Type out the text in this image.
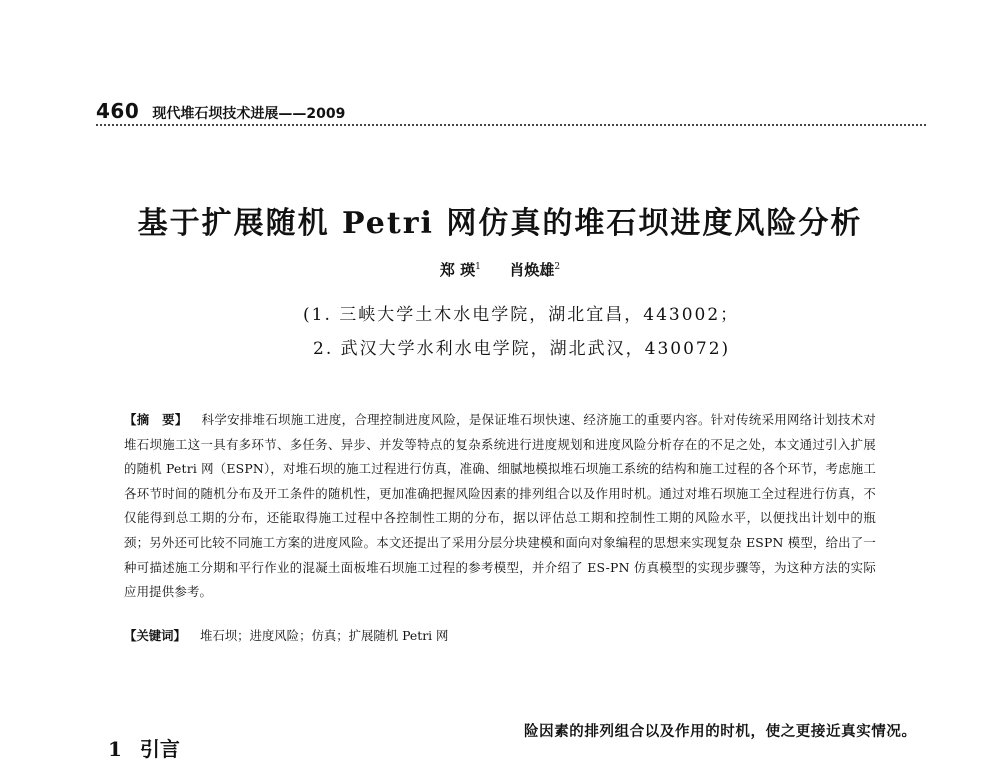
460 现代堆石坝技术进展——2009
基于扩展随机 Petri 网仿真的堆石坝进度风险分析
郑 瑛$^1$ 肖焕雄$^2$
(1. 三峡大学土木水电学院，湖北宜昌，443002；
2. 武汉大学水利水电学院，湖北武汉，430072)
【摘　要】 科学安排堆石坝施工进度，合理控制进度风险，是保证堆石坝快速、经济施工的重要内容。针对传统采用网络计划技术对堆石坝施工这一具有多环节、多任务、异步、并发等特点的复杂系统进行进度规划和进度风险分析存在的不足之处，本文通过引入扩展的随机 Petri 网（ESPN），对堆石坝的施工过程进行仿真，准确、细腻地模拟堆石坝施工系统的结构和施工过程的各个环节，考虑施工各环节时间的随机分布及开工条件的随机性，更加准确把握风险因素的排列组合以及作用时机。通过对堆石坝施工全过程进行仿真，不仅能得到总工期的分布，还能取得施工过程中各控制性工期的分布，据以评估总工期和控制性工期的风险水平，以便找出计划中的瓶颈；另外还可比较不同施工方案的进度风险。本文还提出了采用分层分块建模和面向对象编程的思想来实现复杂 ESPN 模型，给出了一种可描述施工分期和平行作业的混凝土面板堆石坝施工过程的参考模型，并介绍了 ES-PN 仿真模型的实现步骤等，为这种方法的实际应用提供参考。
【关键词】 堆石坝；进度风险；仿真；扩展随机 Petri 网
1 引言
险因素的排列组合以及作用的时机，使之更接近真实情况。
